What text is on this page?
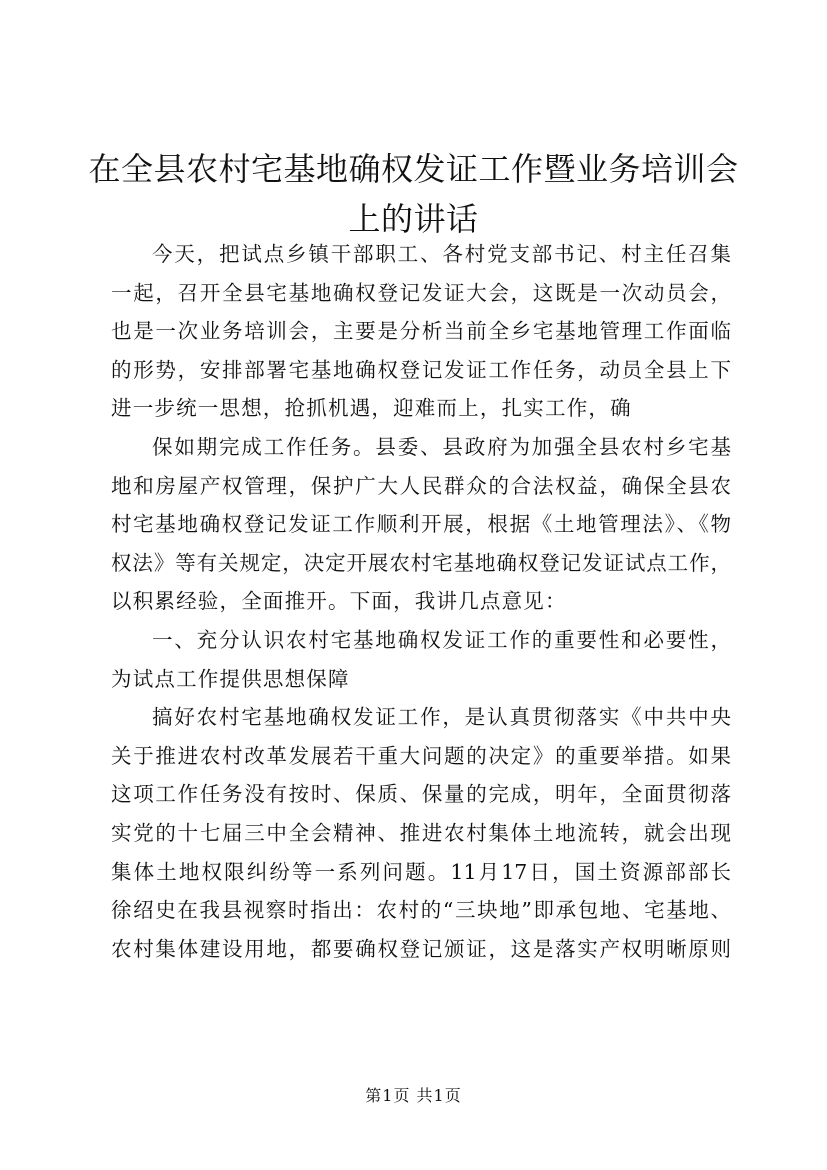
在全县农村宅基地确权发证工作暨业务培训会
上的讲话
今天，把试点乡镇干部职工、各村党支部书记、村主任召集
一起，召开全县宅基地确权登记发证大会，这既是一次动员会，
也是一次业务培训会，主要是分析当前全乡宅基地管理工作面临
的形势，安排部署宅基地确权登记发证工作任务，动员全县上下
进一步统一思想，抢抓机遇，迎难而上，扎实工作，确
保如期完成工作任务。县委、县政府为加强全县农村乡宅基
地和房屋产权管理，保护广大人民群众的合法权益，确保全县农
村宅基地确权登记发证工作顺利开展，根据《土地管理法》、《物
权法》等有关规定，决定开展农村宅基地确权登记发证试点工作，
以积累经验，全面推开。下面，我讲几点意见：
一、充分认识农村宅基地确权发证工作的重要性和必要性，
为试点工作提供思想保障
搞好农村宅基地确权发证工作，是认真贯彻落实《中共中央
关于推进农村改革发展若干重大问题的决定》的重要举措。如果
这项工作任务没有按时、保质、保量的完成，明年，全面贯彻落
实党的十七届三中全会精神、推进农村集体土地流转，就会出现
集体土地权限纠纷等一系列问题。11月17日，国土资源部部长
徐绍史在我县视察时指出：农村的“三块地”即承包地、宅基地、
农村集体建设用地，都要确权登记颁证，这是落实产权明晰原则
第1页 共1页
